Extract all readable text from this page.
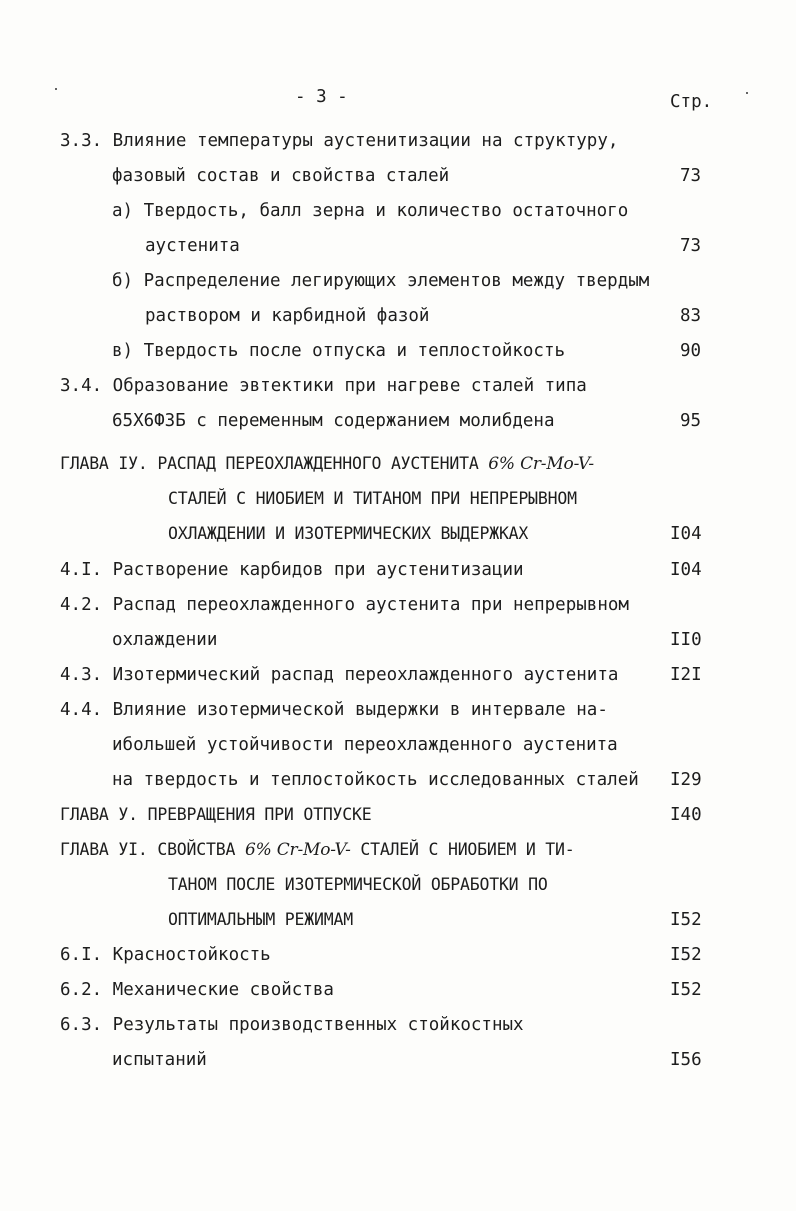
- 3 -	Стр.
3.3. Влияние температуры аустенитизации на структуру,
фазовый состав и свойства сталей	73
а) Твердость, балл зерна и количество остаточного
аустенита	73
б) Распределение легирующих элементов между твердым
раствором и карбидной фазой	83
в) Твердость после отпуска и теплостойкость	90
3.4. Образование эвтектики при нагреве сталей типа
65Х6Ф3Б с переменным содержанием молибдена	95
ГЛАВА IУ. РАСПАД ПЕРЕОХЛАЖДЕННОГО АУСТЕНИТА 6% Cr-Mo-V-
СТАЛЕЙ С НИОБИЕМ И ТИТАНОМ ПРИ НЕПРЕРЫВНОМ
ОХЛАЖДЕНИИ И ИЗОТЕРМИЧЕСКИХ ВЫДЕРЖКАХ	I04
4.I. Растворение карбидов при аустенитизации	I04
4.2. Распад переохлажденного аустенита при непрерывном
охлаждении	II0
4.3. Изотермический распад переохлажденного аустенита	I2I
4.4. Влияние изотермической выдержки в интервале на-
ибольшей устойчивости переохлажденного аустенита
на твердость и теплостойкость исследованных сталей I29
ГЛАВА У. ПРЕВРАЩЕНИЯ ПРИ ОТПУСКЕ	I40
ГЛАВА УI. СВОЙСТВА 6% Cr-Mo-V- СТАЛЕЙ С НИОБИЕМ И ТИ-
ТАНОМ ПОСЛЕ ИЗОТЕРМИЧЕСКОЙ ОБРАБОТКИ ПО
ОПТИМАЛЬНЫМ РЕЖИМАМ	I52
6.I. Красностойкость	I52
6.2. Механические свойства	I52
6.3. Результаты производственных стойкостных
испытаний	I56
